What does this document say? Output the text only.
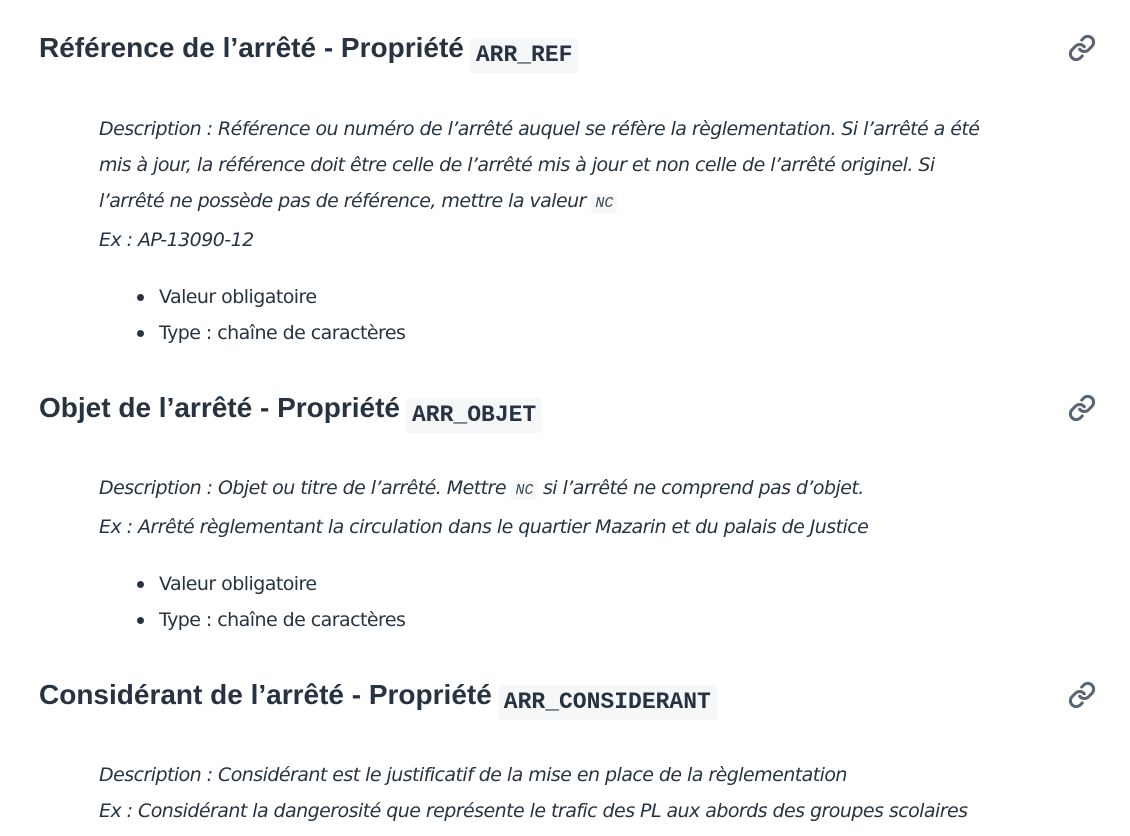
Référence de l’arrêté - Propriété ARR_REF
Description : Référence ou numéro de l’arrêté auquel se réfère la règlementation. Si l’arrêté a été
mis à jour, la référence doit être celle de l’arrêté mis à jour et non celle de l’arrêté originel. Si
l’arrêté ne possède pas de référence, mettre la valeur NC
Ex : AP-13090-12
Valeur obligatoire
Type : chaîne de caractères
Objet de l’arrêté - Propriété ARR_OBJET
Description : Objet ou titre de l’arrêté. Mettre NC si l’arrêté ne comprend pas d’objet.
Ex : Arrêté règlementant la circulation dans le quartier Mazarin et du palais de Justice
Valeur obligatoire
Type : chaîne de caractères
Considérant de l’arrêté - Propriété ARR_CONSIDERANT
Description : Considérant est le justificatif de la mise en place de la règlementation
Ex : Considérant la dangerosité que représente le trafic des PL aux abords des groupes scolaires
